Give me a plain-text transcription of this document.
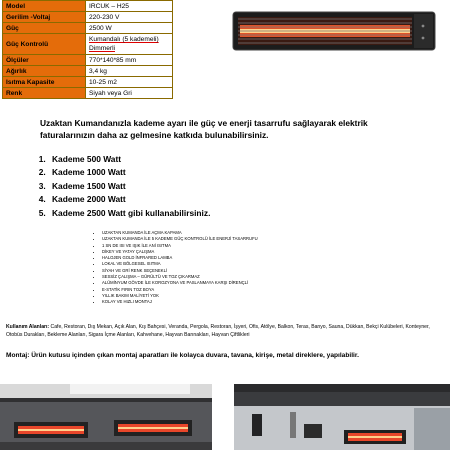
Model	IRCUK – H25
Gerilim -Voltaj	220-230 V
Güç	2500 W
Güç Kontrolü	Kumandalı (5 kademeli)
Dimmerli

Ölçüler	770*140*85 mm
Ağırlık	3,4 kg
Isıtma Kapasite	10-25 m2
Renk	Siyah veya Gri
Uzaktan Kumandanızla kademe ayarı ile güç ve enerji tasarrufu sağlayarak elektrik faturalarınızın daha az gelmesine katkıda bulunabilirsiniz.
1. Kademe 500 Watt
2. Kademe 1000 Watt
3. Kademe 1500 Watt
4. Kademe 2000 Watt
5. Kademe 2500 Watt gibi kullanabilirsiniz.
• UZAKTAN KUMANDA İLE AÇMA KAPAMA
• UZAKTAN KUMANDA İLE 5 KADEME GÜÇ KONTROLÜ İLE ENERJİ TASARRUFU
• 1 SN DE ISI VE IŞIK İLE ANİ ISITMA
• DİKEY VE YATAY ÇALIŞMA
• HALOJEN GOLD İNFRARED LAMBA
• LOKAL VE BÖLGESEL ISITMA
• SİYAH VE GRİ RENK SEÇENEKLİ
• SESSİZ ÇALIŞMA – GÜRÜLTÜ VE TOZ ÇIKARMAZ
• ALÜMİNYUM GÖVDE İLE KOROZYONA VE PASLANMAYA KARŞI DİRENÇLİ
• E-STATİK FIRIN TOZ BOYA
• YILLIK BAKIM MALİYETİ YOK
• KOLAY VE HIZLI MONTAJ
Kullanım Alanları: Cafe, Restoran, Dış Mekan, Açık Alan, Kış Bahçesi, Veranda, Pergola, Restoran, İşyeri, Ofis, Atölye, Balkon, Teras, Banyo, Sauna, Dükkan, Bekçi Kulübeleri, Konteyner, Otobüs Durakları, Bekleme Alanları, Sigara İçme Alanları, Kahvehane, Hayvan Barınakları, Hayvan Çiftlikleri
Montaj: Ürün kutusu içinden çıkan montaj aparatları ile kolayca duvara, tavana, kirişe, metal direklere, yapılabilir.
